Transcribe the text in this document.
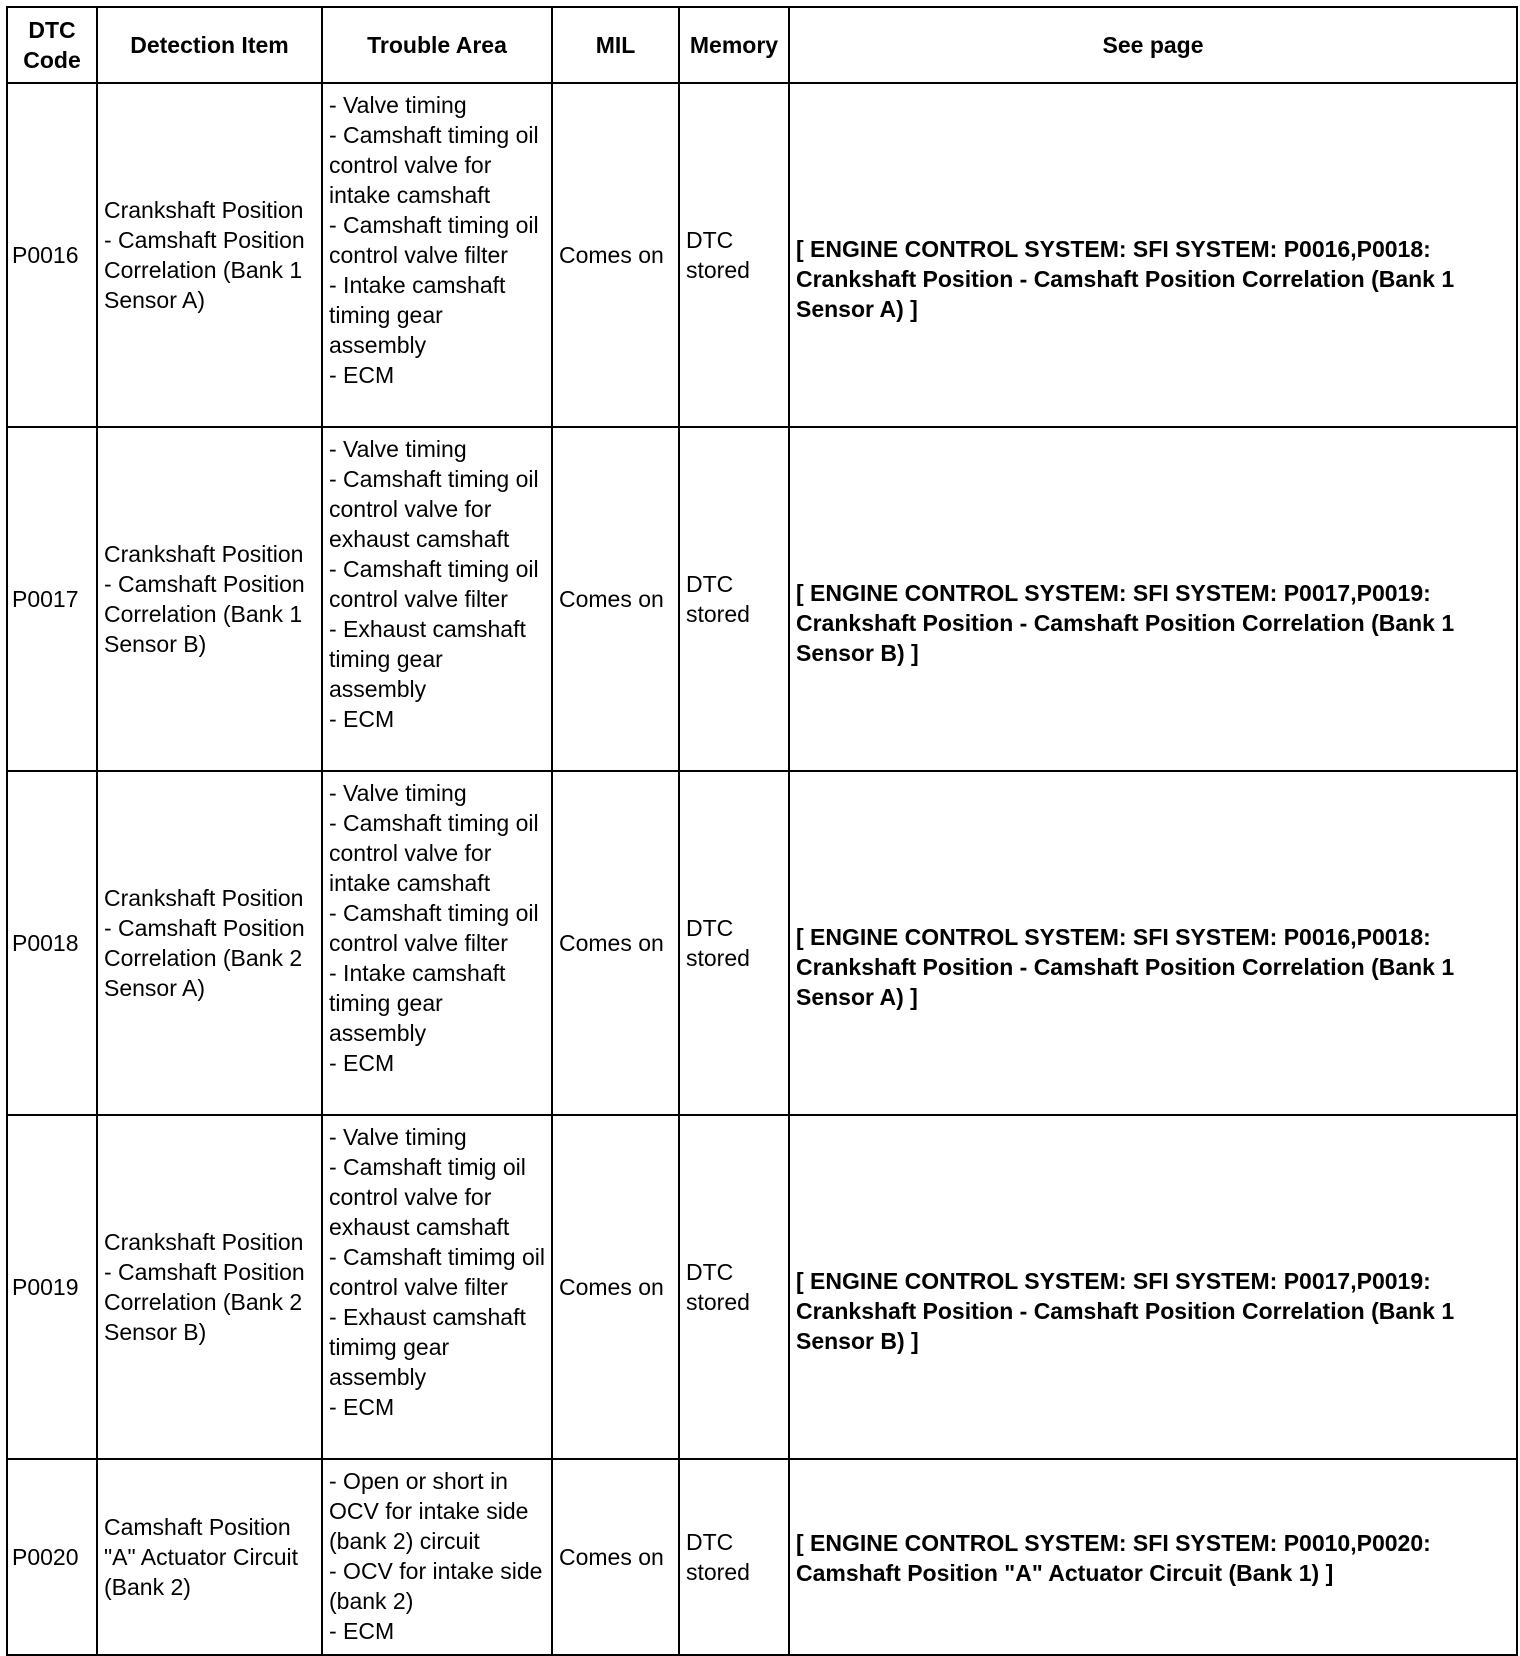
DTC Code	Detection Item	Trouble Area	MIL	Memory	See page
P0016	Crankshaft Position - Camshaft Position Correlation (Bank 1 Sensor A)	- Valve timing
- Camshaft timing oil control valve for intake camshaft
- Camshaft timing oil control valve filter
- Intake camshaft timing gear assembly
- ECM	Comes on	DTC stored	[ ENGINE CONTROL SYSTEM: SFI SYSTEM: P0016,P0018: Crankshaft Position - Camshaft Position Correlation (Bank 1 Sensor A) ]
P0017	Crankshaft Position - Camshaft Position Correlation (Bank 1 Sensor B)	- Valve timing
- Camshaft timing oil control valve for exhaust camshaft
- Camshaft timing oil control valve filter
- Exhaust camshaft timing gear assembly
- ECM	Comes on	DTC stored	[ ENGINE CONTROL SYSTEM: SFI SYSTEM: P0017,P0019: Crankshaft Position - Camshaft Position Correlation (Bank 1 Sensor B) ]
P0018	Crankshaft Position - Camshaft Position Correlation (Bank 2 Sensor A)	- Valve timing
- Camshaft timing oil control valve for intake camshaft
- Camshaft timing oil control valve filter
- Intake camshaft timing gear assembly
- ECM	Comes on	DTC stored	[ ENGINE CONTROL SYSTEM: SFI SYSTEM: P0016,P0018: Crankshaft Position - Camshaft Position Correlation (Bank 1 Sensor A) ]
P0019	Crankshaft Position - Camshaft Position Correlation (Bank 2 Sensor B)	- Valve timing
- Camshaft timig oil control valve for exhaust camshaft
- Camshaft timimg oil control valve filter
- Exhaust camshaft timimg gear assembly
- ECM	Comes on	DTC stored	[ ENGINE CONTROL SYSTEM: SFI SYSTEM: P0017,P0019: Crankshaft Position - Camshaft Position Correlation (Bank 1 Sensor B) ]
P0020	Camshaft Position "A" Actuator Circuit (Bank 2)	- Open or short in OCV for intake side (bank 2) circuit
- OCV for intake side (bank 2)
- ECM	Comes on	DTC stored	[ ENGINE CONTROL SYSTEM: SFI SYSTEM: P0010,P0020: Camshaft Position "A" Actuator Circuit (Bank 1) ]
